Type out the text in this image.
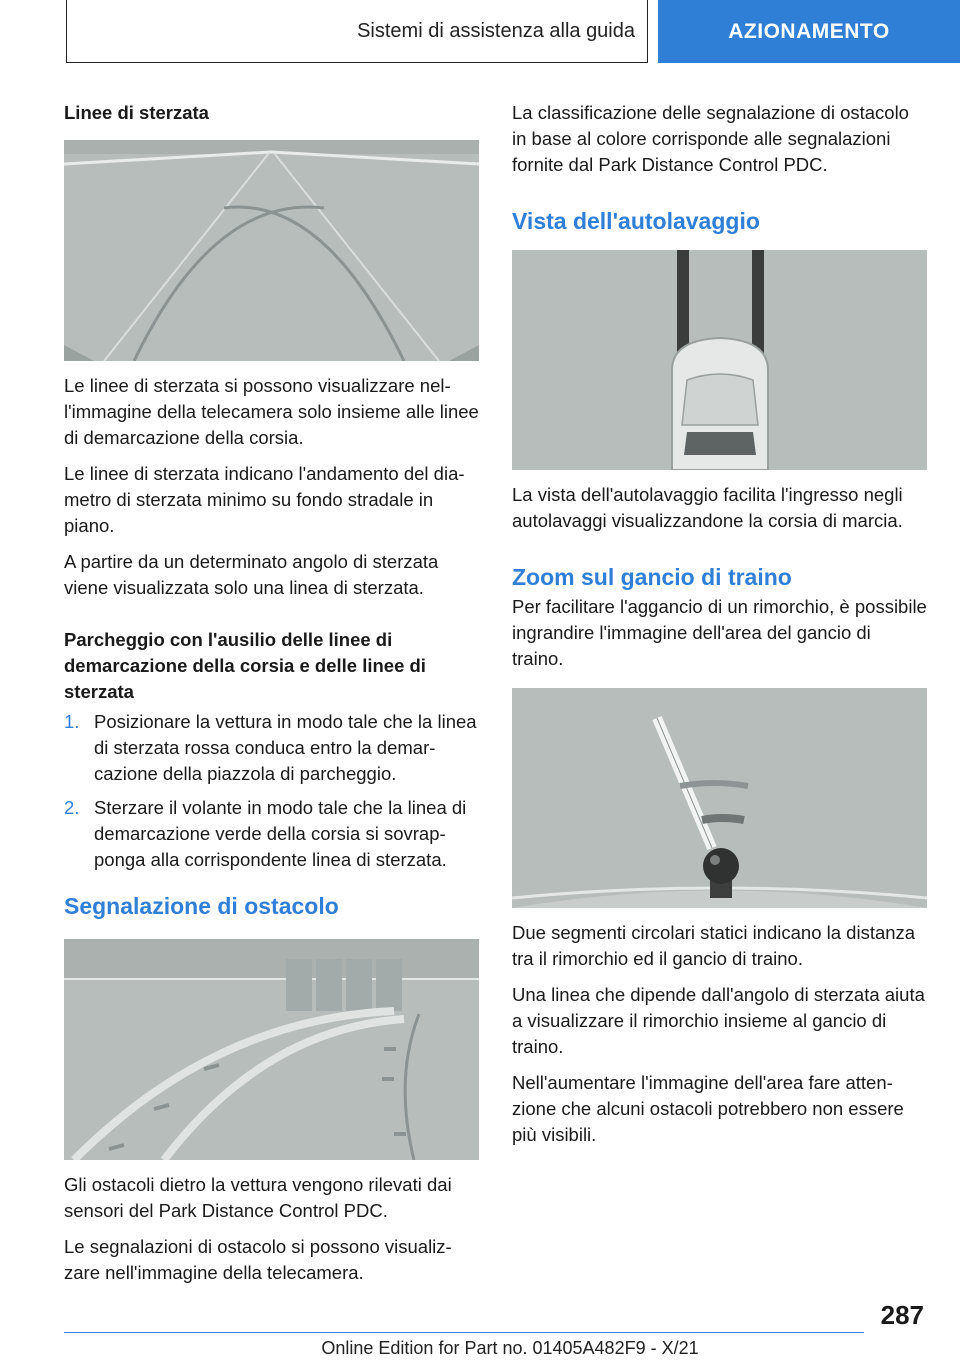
Sistemi di assistenza alla guida	AZIONAMENTO
Linee di sterzata

Le linee di sterzata si possono visualizzare nell'immagine della telecamera solo insieme alle linee di demarcazione della corsia.

Le linee di sterzata indicano l'andamento del diametro di sterzata minimo su fondo stradale in piano.

A partire da un determinato angolo di sterzata viene visualizzata solo una linea di sterzata.

Parcheggio con l'ausilio delle linee di demarcazione della corsia e delle linee di sterzata
1. Posizionare la vettura in modo tale che la linea di sterzata rossa conduca entro la demarcazione della piazzola di parcheggio.
2. Sterzare il volante in modo tale che la linea di demarcazione verde della corsia si sovrapponga alla corrispondente linea di sterzata.
Segnalazione di ostacolo

Gli ostacoli dietro la vettura vengono rilevati dai sensori del Park Distance Control PDC.

Le segnalazioni di ostacolo si possono visualizzare nell'immagine della telecamera.

La classificazione delle segnalazione di ostacolo in base al colore corrisponde alle segnalazioni fornite dal Park Distance Control PDC.

Vista dell'autolavaggio

La vista dell'autolavaggio facilita l'ingresso negli autolavaggi visualizzandone la corsia di marcia.

Zoom sul gancio di traino

Per facilitare l'aggancio di un rimorchio, è possibile ingrandire l'immagine dell'area del gancio di traino.

Due segmenti circolari statici indicano la distanza tra il rimorchio ed il gancio di traino.

Una linea che dipende dall'angolo di sterzata aiuta a visualizzare il rimorchio insieme al gancio di traino.

Nell'aumentare l'immagine dell'area fare attenzione che alcuni ostacoli potrebbero non essere più visibili.

287
Online Edition for Part no. 01405A482F9 - X/21
